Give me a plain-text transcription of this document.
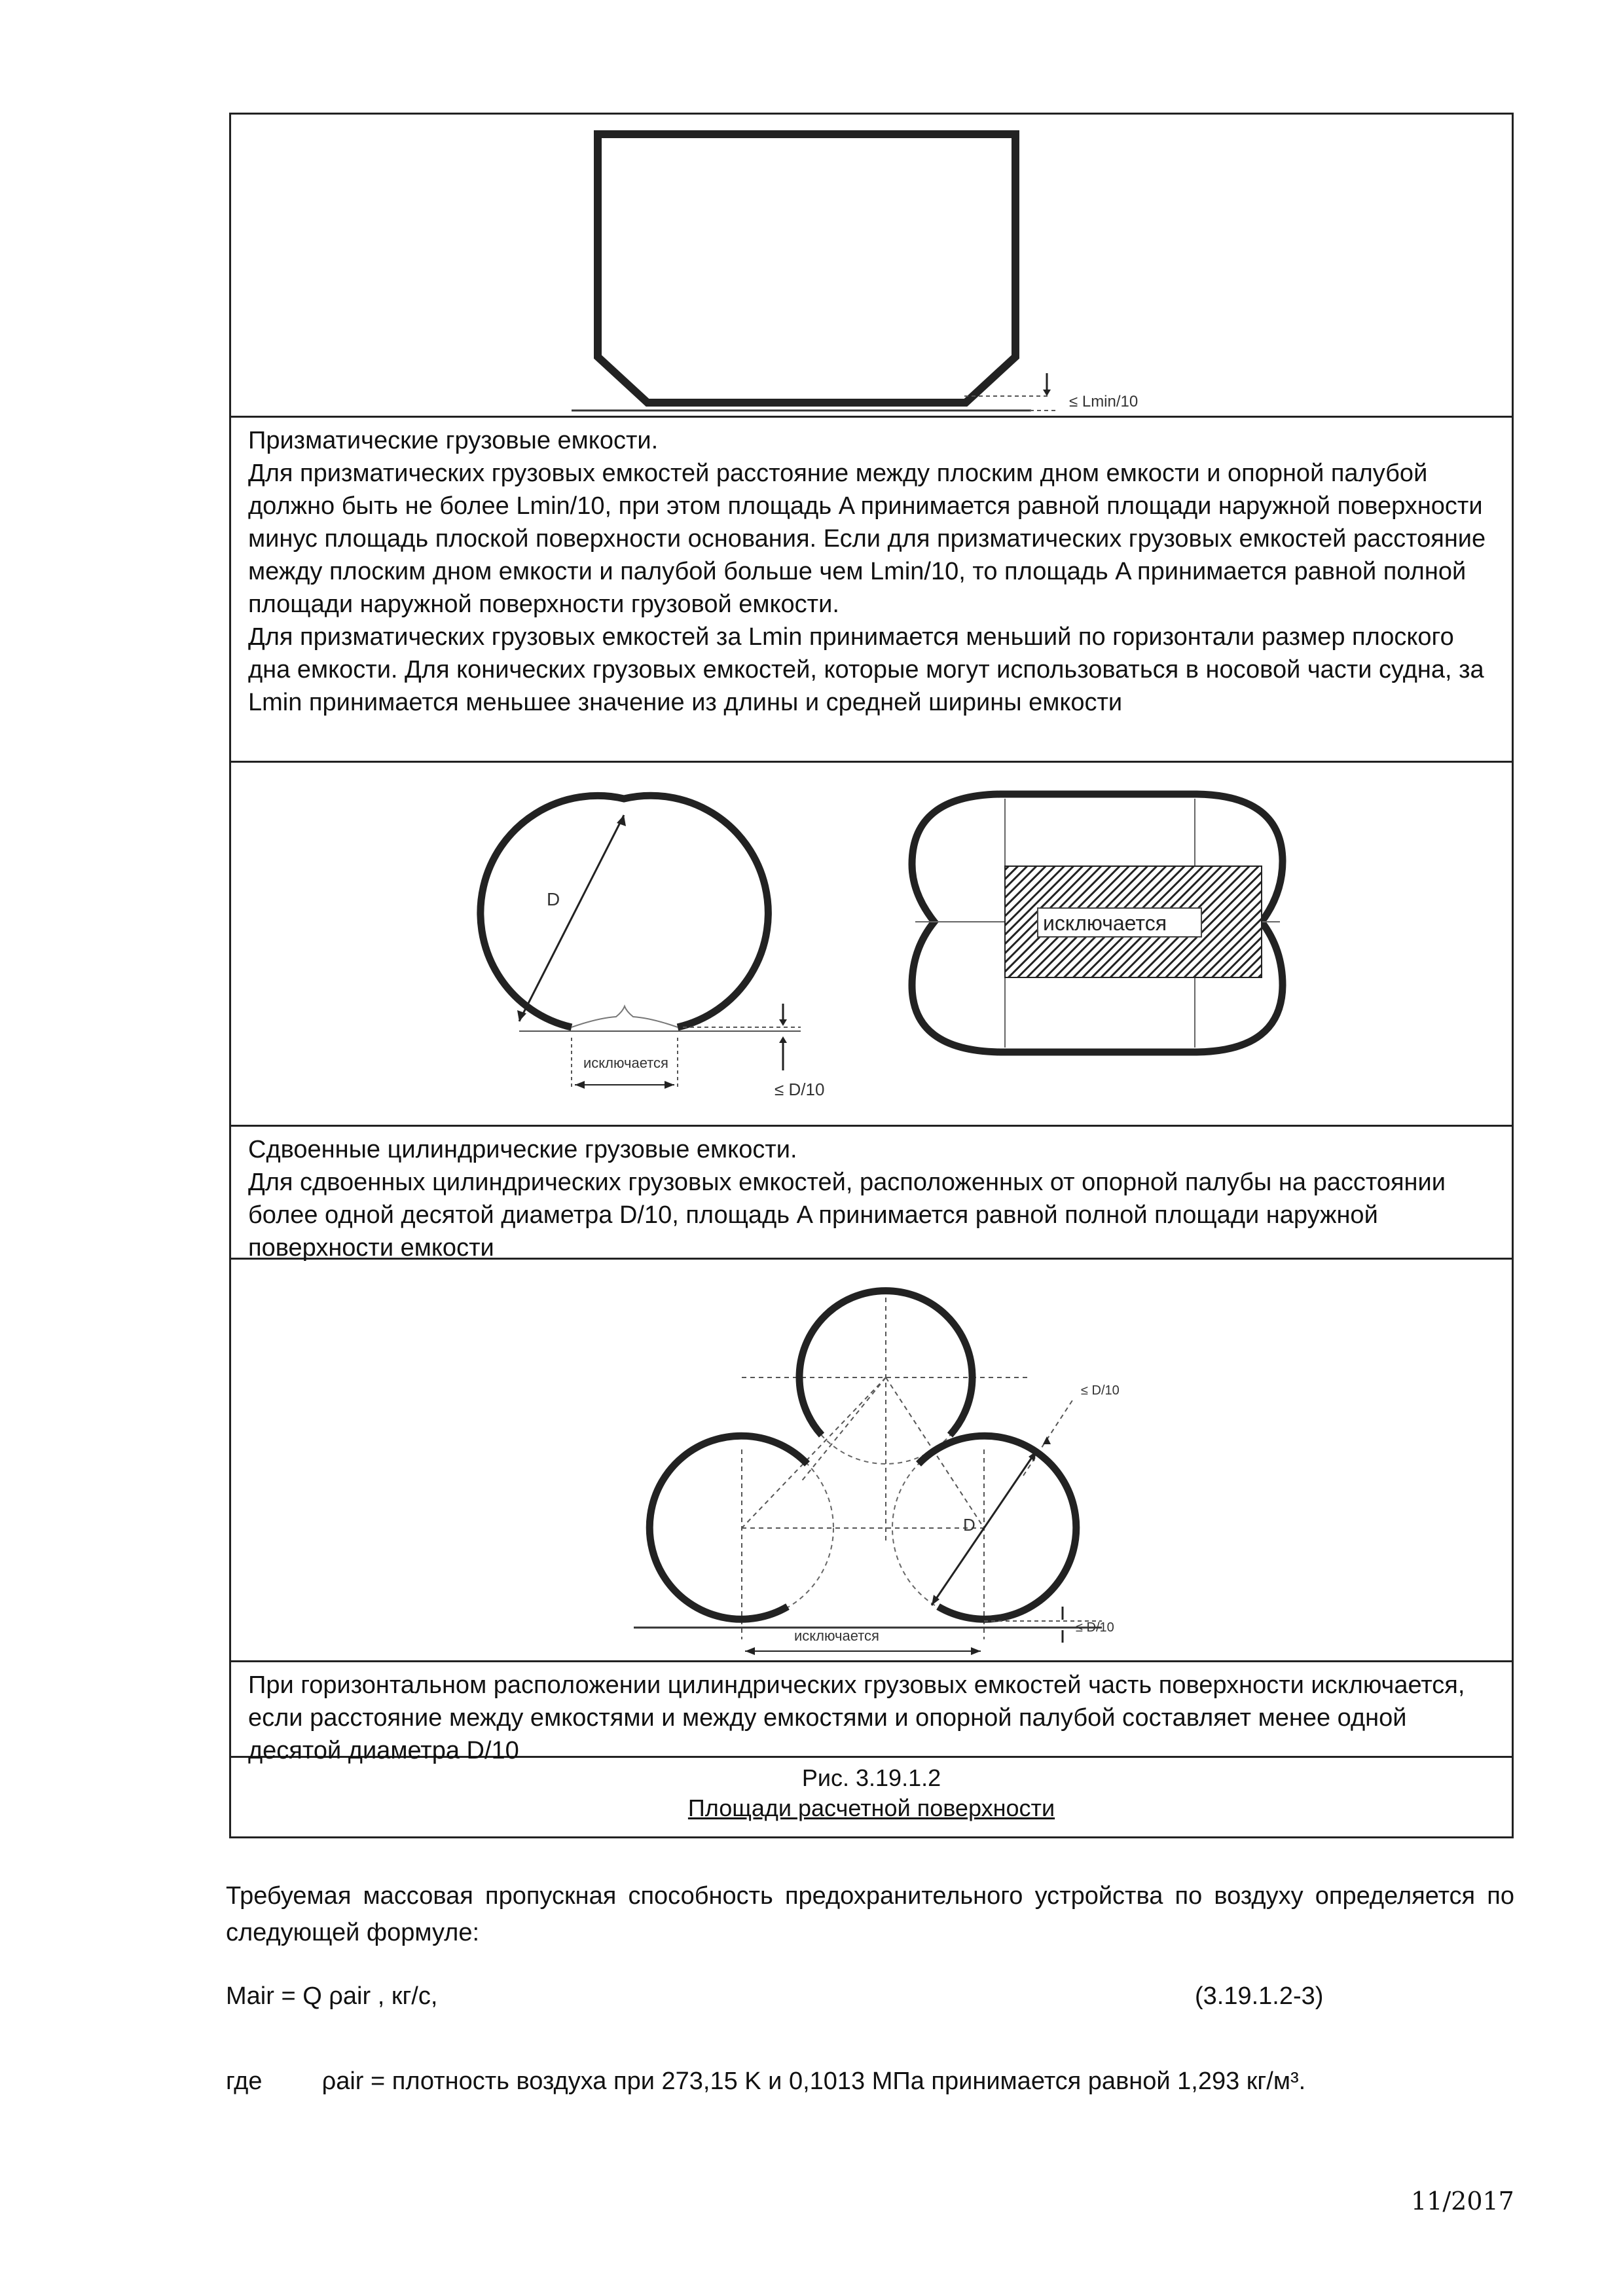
≤ Lmin/10

Призматические грузовые емкости.

Для призматических грузовых емкостей расстояние между плоским дном емкости и опорной палубой должно быть не более Lmin/10, при этом площадь A принимается равной площади наружной поверхности минус площадь плоской поверхности основания. Если для призматических грузовых емкостей расстояние между плоским дном емкости и палубой больше чем Lmin/10, то площадь A принимается равной полной площади наружной поверхности грузовой емкости.

Для призматических грузовых емкостей за Lmin принимается меньший по горизонтали размер плоского дна емкости. Для конических грузовых емкостей, которые могут использоваться в носовой части судна, за Lmin принимается меньшее значение из длины и средней ширины емкости

D
≤ D/10
исключается
исключается

Сдвоенные цилиндрические грузовые емкости.

Для сдвоенных цилиндрических грузовых емкостей, расположенных от опорной палубы на расстоянии более одной десятой диаметра D/10, площадь A принимается равной полной площади наружной поверхности емкости

D
≤ D/10
≤ D/10
исключается

При горизонтальном расположении цилиндрических грузовых емкостей часть поверхности исключается, если расстояние между емкостями и между емкостями и опорной палубой составляет менее одной десятой диаметра D/10

Рис. 3.19.1.2

Площади расчетной поверхности

Требуемая массовая пропускная способность предохранительного устройства по воздуху определяется по следующей формуле:
Mair = Q ρair , кг/с,	(3.19.1.2-3)
где ρair = плотность воздуха при 273,15 K и 0,1013 МПа принимается равной 1,293 кг/м³.
11/2017
